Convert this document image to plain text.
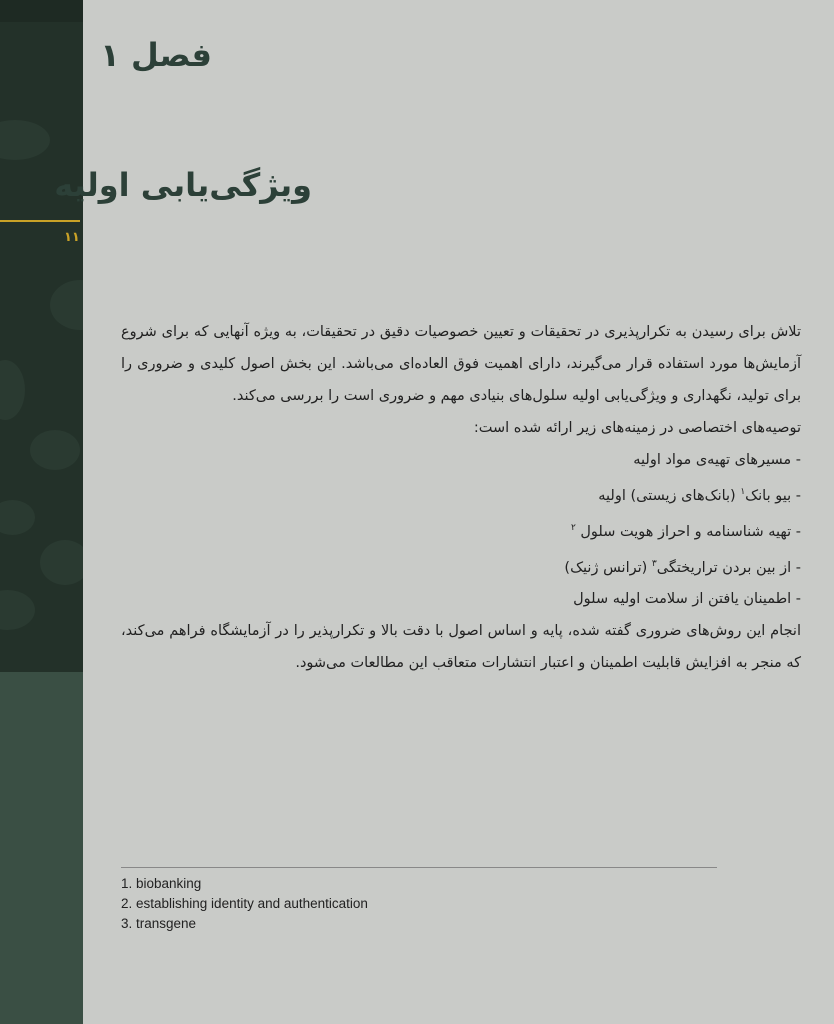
۱۱
فصل ۱
ویژگی‌یابی اولیه

تلاش برای رسیدن به تکرارپذیری در تحقیقات و تعیین خصوصیات دقیق در تحقیقات، به ویژه آنهایی که برای شروع آزمایش‌ها مورد استفاده قرار می‌گیرند، دارای اهمیت فوق العاده‌ای می‌باشد. این بخش اصول کلیدی و ضروری را برای تولید، نگهداری و ویژگی‌یابی اولیه سلول‌های بنیادی مهم و ضروری است را بررسی می‌کند.

توصیه‌های اختصاصی در زمینه‌های زیر ارائه شده است:

- مسیرهای تهیه‌ی مواد اولیه
- بیو بانک$^۱$ (بانک‌های زیستی) اولیه
- تهیه شناسنامه و احراز هویت سلول $^۲$
- از بین بردن تراریختگی$^۳$ (ترانس ژنیک)
- اطمینان یافتن از سلامت اولیه سلول

انجام این روش‌های ضروری گفته شده، پایه و اساس اصول با دقت بالا و تکرارپذیر را در آزمایشگاه فراهم می‌کند، که منجر به افزایش قابلیت اطمینان و اعتبار انتشارات متعاقب این مطالعات می‌شود.

1. biobanking
2. establishing identity and authentication
3. transgene
